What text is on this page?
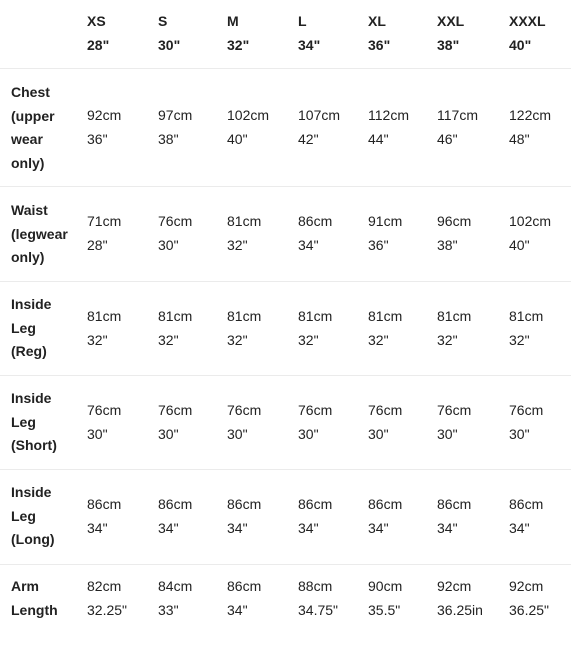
XS
28"
S
30"
M
32"
L
34"
XL
36"
XXL
38"
XXXL
40"
Chest
(upper
wear
only)
92cm
36"
97cm
38"
102cm
40"
107cm
42"
112cm
44"
117cm
46"
122cm
48"
Waist
(legwear
only)
71cm
28"
76cm
30"
81cm
32"
86cm
34"
91cm
36"
96cm
38"
102cm
40"
Inside
Leg
(Reg)
81cm
32"
81cm
32"
81cm
32"
81cm
32"
81cm
32"
81cm
32"
81cm
32"
Inside
Leg
(Short)
76cm
30"
76cm
30"
76cm
30"
76cm
30"
76cm
30"
76cm
30"
76cm
30"
Inside
Leg
(Long)
86cm
34"
86cm
34"
86cm
34"
86cm
34"
86cm
34"
86cm
34"
86cm
34"
Arm
Length
82cm
32.25"
84cm
33"
86cm
34"
88cm
34.75"
90cm
35.5"
92cm
36.25in
92cm
36.25"
